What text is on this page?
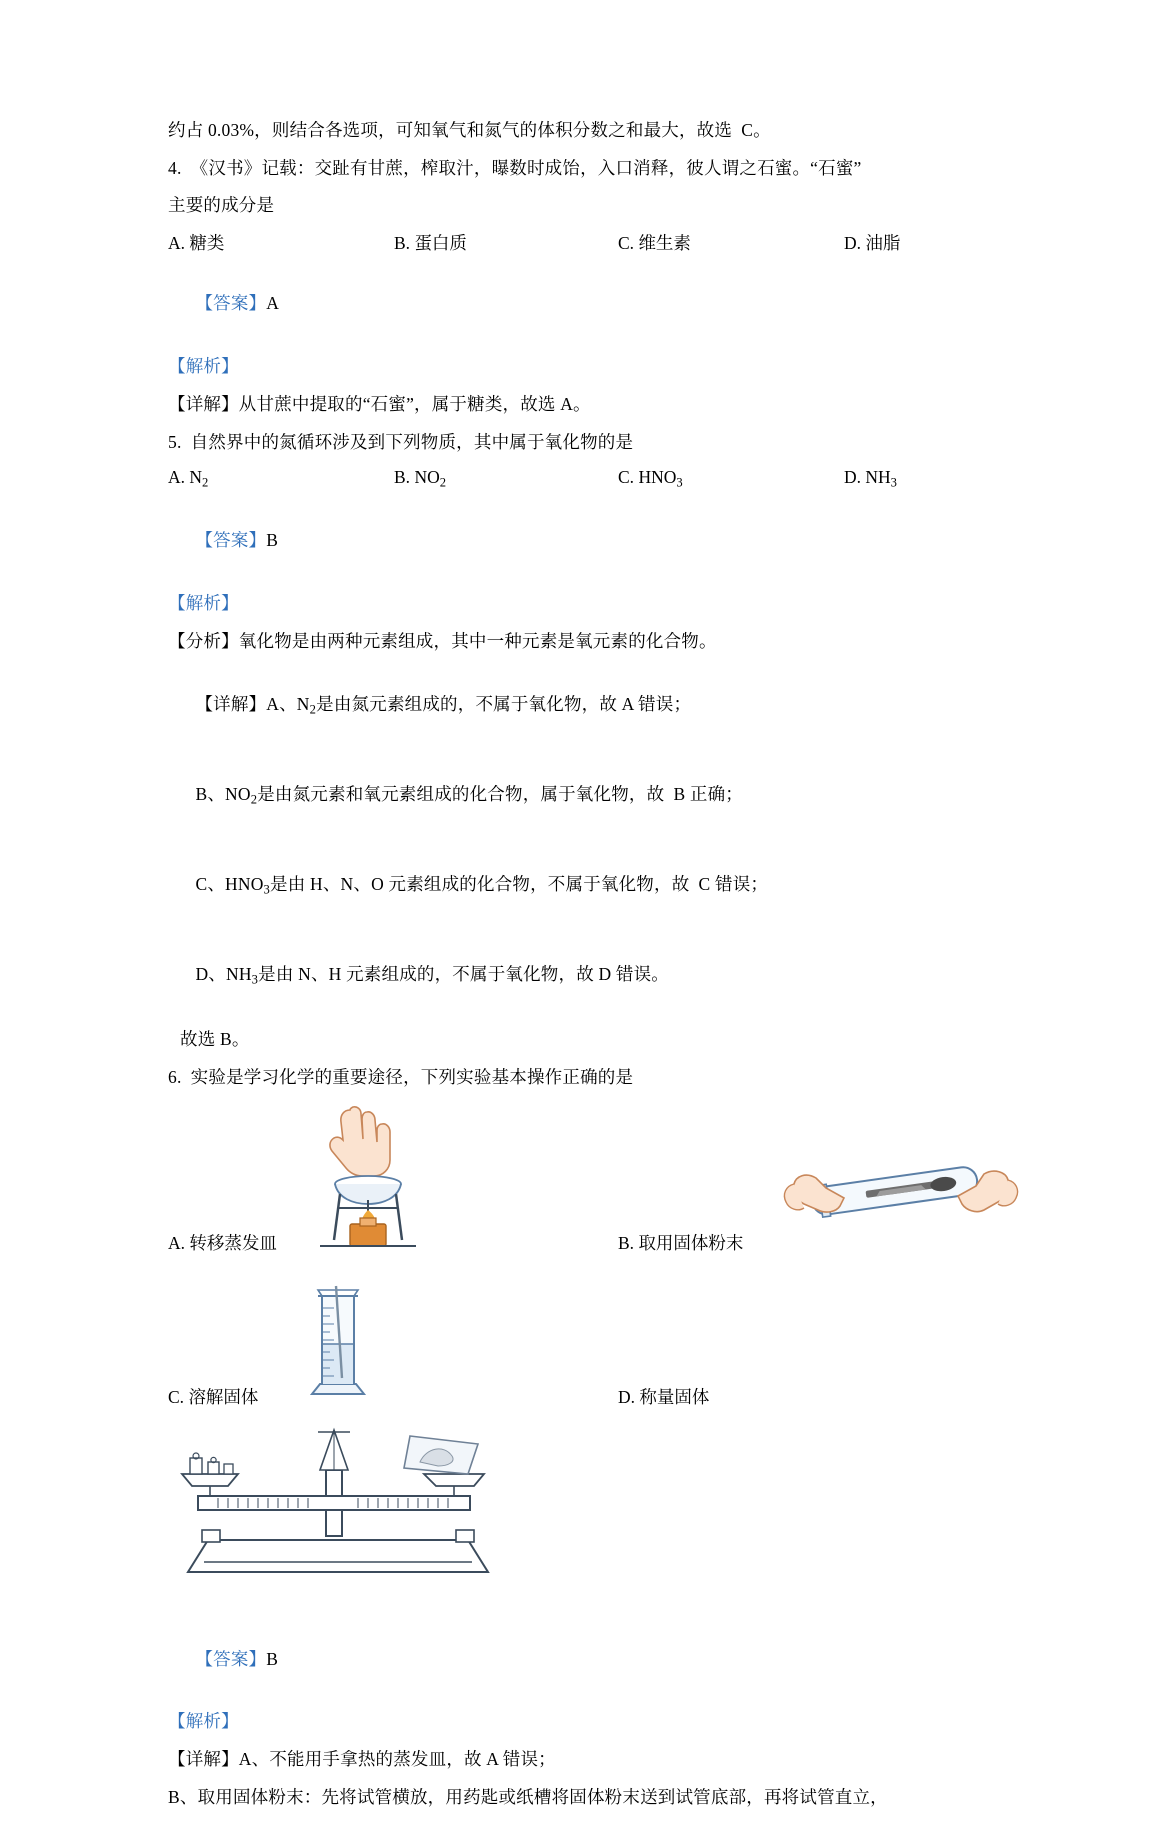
约占 0.03%，则结合各选项，可知氧气和氮气的体积分数之和最大，故选  C。

4.  《汉书》记载：交趾有甘蔗，榨取汁，曝数时成饴，入口消释，彼人谓之石蜜。“石蜜”

主要的成分是

A. 糖类	B. 蛋白质	C. 维生素	D. 油脂

【答案】A

【解析】

【详解】从甘蔗中提取的“石蜜”，属于糖类，故选 A。

5.  自然界中的氮循环涉及到下列物质，其中属于氧化物的是

A. $N_2$	B. $NO_2$	C. $HNO_3$	D. $NH_3$

【答案】B

【解析】

【分析】氧化物是由两种元素组成，其中一种元素是氧元素的化合物。

【详解】A、$N_2$是由氮元素组成的，不属于氧化物，故 A 错误；

B、$NO_2$是由氮元素和氧元素组成的化合物，属于氧化物，故  B 正确；

C、$HNO_3$是由 H、N、O 元素组成的化合物，不属于氧化物，故  C 错误；

D、$NH_3$是由 N、H 元素组成的，不属于氧化物，故 D 错误。

故选 B。

6.  实验是学习化学的重要途径，下列实验基本操作正确的是

A. 转移蒸发皿	B. 取用固体粉末
C. 溶解固体	D. 称量固体

【答案】B

【解析】

【详解】A、不能用手拿热的蒸发皿，故 A 错误；

B、取用固体粉末：先将试管横放，用药匙或纸槽将固体粉末送到试管底部，再将试管直立，
